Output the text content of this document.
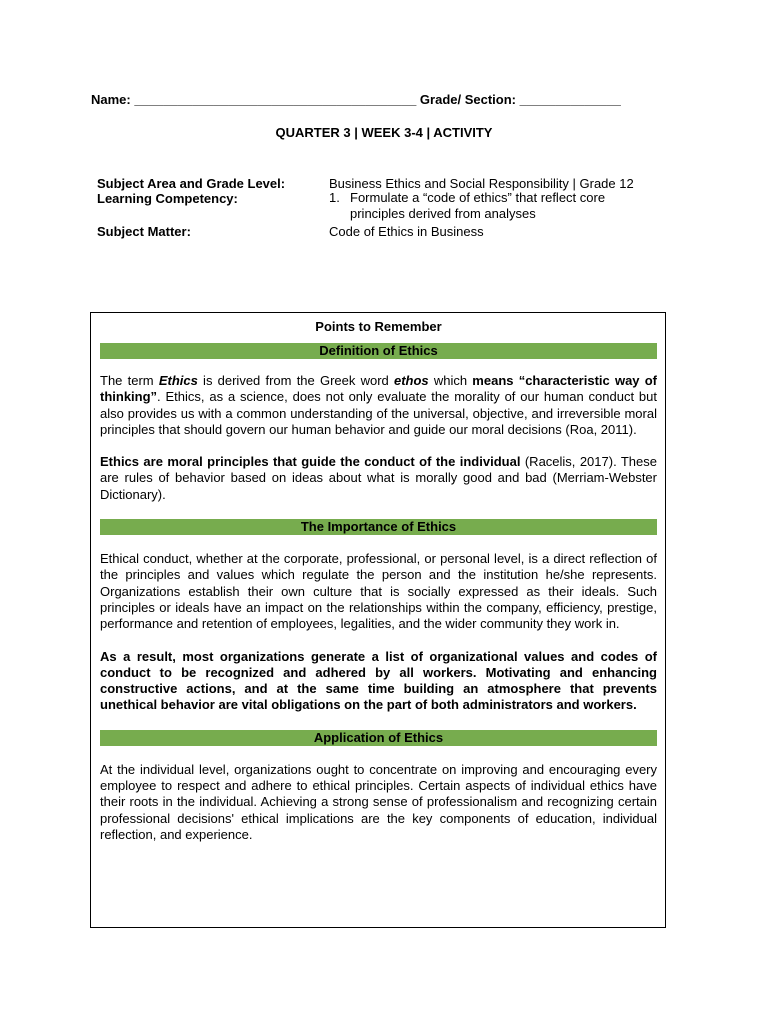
Name: _______________________________________ Grade/ Section: ______________
QUARTER 3 | WEEK 3-4 | ACTIVITY
Subject Area and Grade Level:	Business Ethics and Social Responsibility | Grade 12
Learning Competency:	1. Formulate a “code of ethics” that reflect core
principles derived from analyses
Subject Matter:	Code of Ethics in Business
Points to Remember
Definition of Ethics

The term Ethics is derived from the Greek word ethos which means “characteristic way of thinking”. Ethics, as a science, does not only evaluate the morality of our human conduct but also provides us with a common understanding of the universal, objective, and irreversible moral principles that should govern our human behavior and guide our moral decisions (Roa, 2011).

Ethics are moral principles that guide the conduct of the individual (Racelis, 2017). These are rules of behavior based on ideas about what is morally good and bad (Merriam-Webster Dictionary).

The Importance of Ethics

Ethical conduct, whether at the corporate, professional, or personal level, is a direct reflection of the principles and values which regulate the person and the institution he/she represents. Organizations establish their own culture that is socially expressed as their ideals. Such principles or ideals have an impact on the relationships within the company, efficiency, prestige, performance and retention of employees, legalities, and the wider community they work in.

As a result, most organizations generate a list of organizational values and codes of conduct to be recognized and adhered by all workers. Motivating and enhancing constructive actions, and at the same time building an atmosphere that prevents unethical behavior are vital obligations on the part of both administrators and workers.

Application of Ethics

At the individual level, organizations ought to concentrate on improving and encouraging every employee to respect and adhere to ethical principles. Certain aspects of individual ethics have their roots in the individual. Achieving a strong sense of professionalism and recognizing certain professional decisions' ethical implications are the key components of education, individual reflection, and experience.
